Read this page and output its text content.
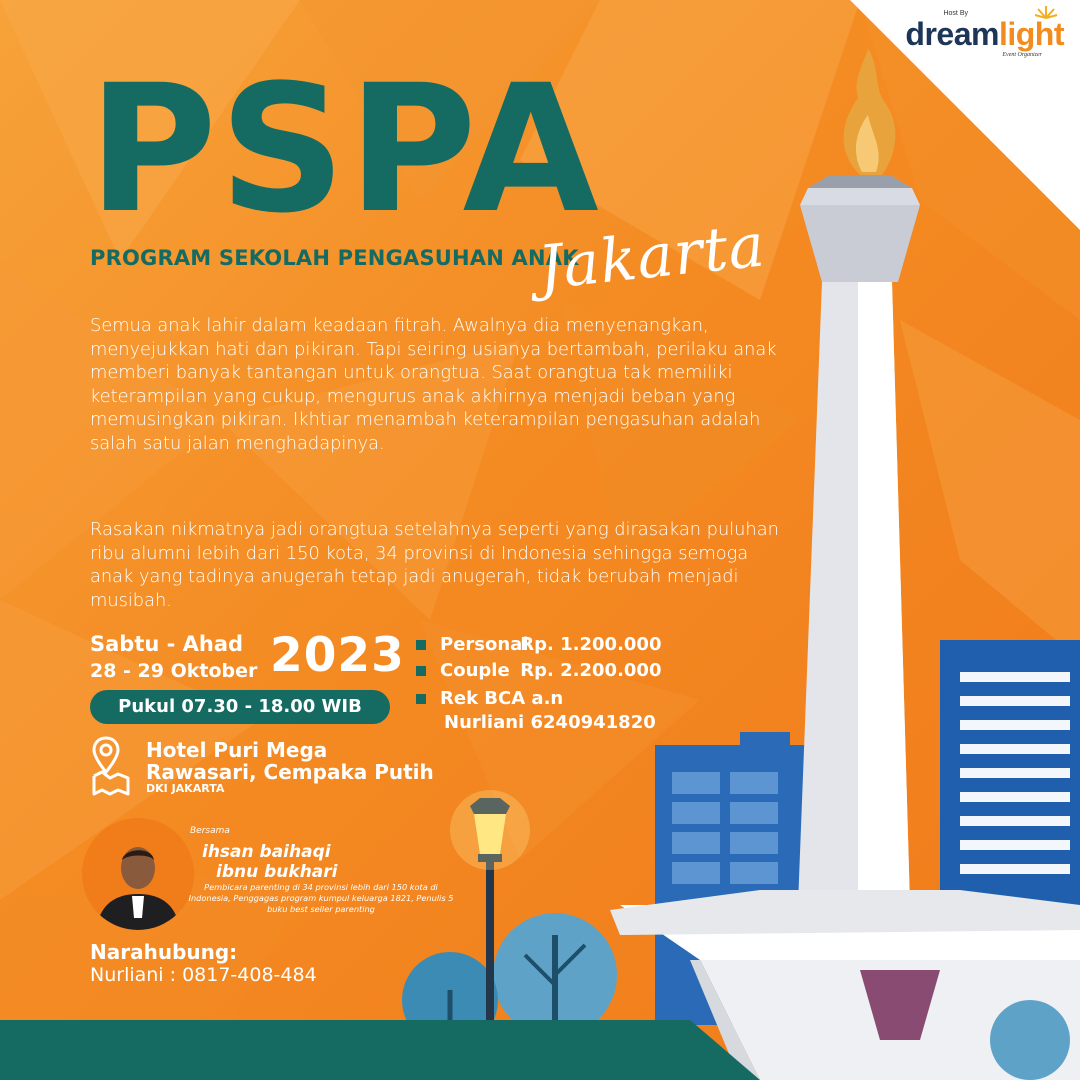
Host By
dreamlight
Event Organizer
PSPA
PROGRAM SEKOLAH PENGASUHAN ANAK
Jakarta
Semua anak lahir dalam keadaan fitrah. Awalnya dia menyenangkan, menyejukkan hati dan pikiran. Tapi seiring usianya bertambah, perilaku anak memberi banyak tantangan untuk orangtua. Saat orangtua tak memiliki keterampilan yang cukup, mengurus anak akhirnya menjadi beban yang memusingkan pikiran. Ikhtiar menambah keterampilan pengasuhan adalah salah satu jalan menghadapinya.
Rasakan nikmatnya jadi orangtua setelahnya seperti yang dirasakan puluhan ribu alumni lebih dari 150 kota, 34 provinsi di Indonesia sehingga semoga anak yang tadinya anugerah tetap jadi anugerah, tidak berubah menjadi musibah.
Sabtu - Ahad
28 - 29 Oktober 2023
Pukul 07.30 - 18.00 WIB
Personal Rp. 1.200.000
Couple Rp. 2.200.000
Rek BCA a.n
Nurliani 6240941820
Hotel Puri Mega
Rawasari, Cempaka Putih
DKI JAKARTA
Bersama
ihsan baihaqi
ibnu bukhari
Pembicara parenting di 34 provinsi lebih dari 150 kota di Indonesia, Penggagas program kumpul keluarga 1821, Penulis 5 buku best seller parenting
Narahubung:
Nurliani : 0817-408-484
